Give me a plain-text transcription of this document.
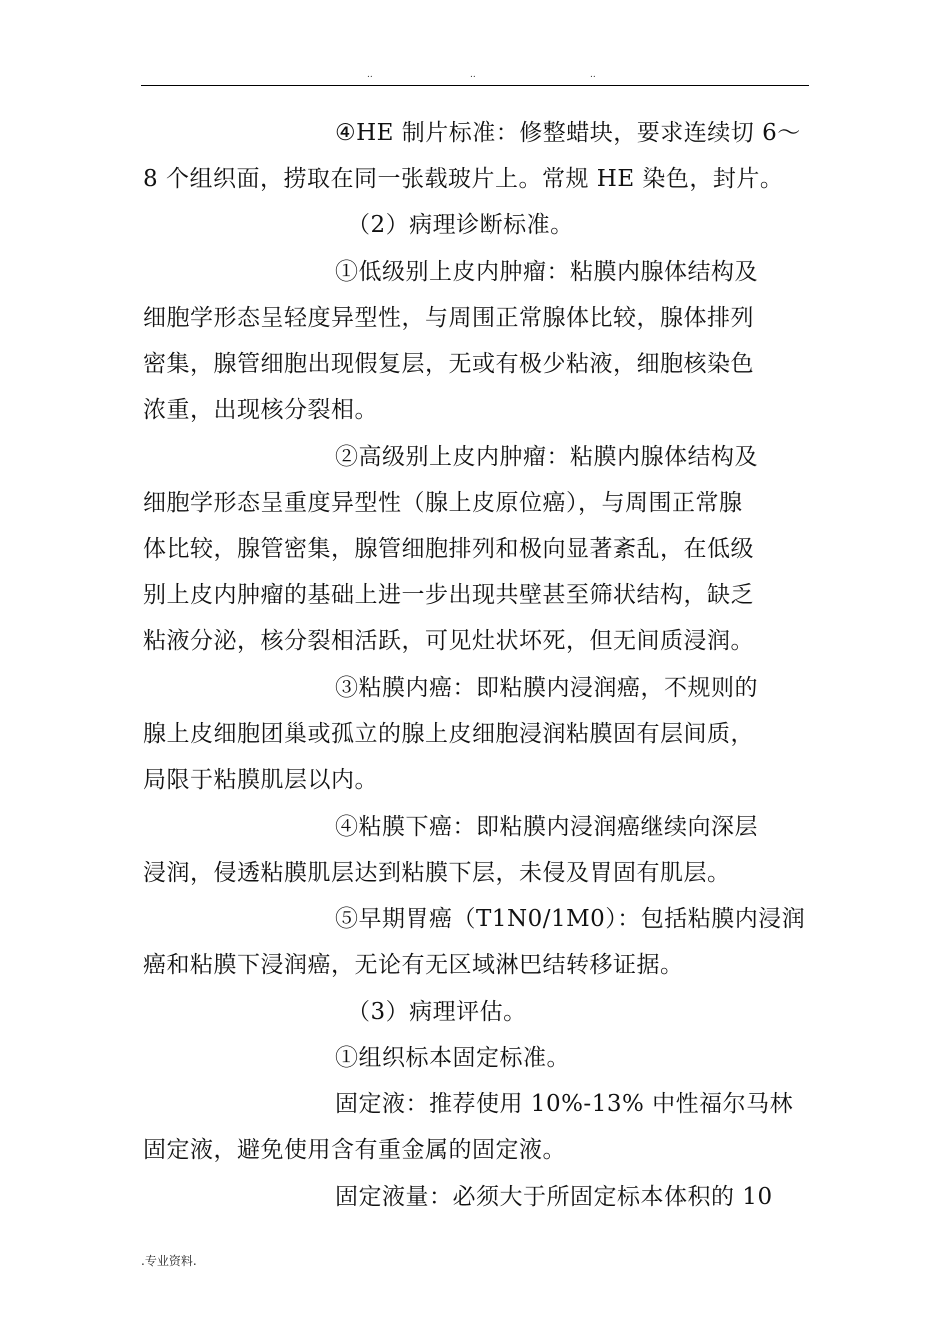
..	..	..
④HE 制片标准：修整蜡块，要求连续切 6～
8 个组织面，捞取在同一张载玻片上。常规 HE 染色，封片。
（2）病理诊断标准。
①低级别上皮内肿瘤：粘膜内腺体结构及
细胞学形态呈轻度异型性，与周围正常腺体比较，腺体排列
密集，腺管细胞出现假复层，无或有极少粘液，细胞核染色
浓重，出现核分裂相。
②高级别上皮内肿瘤：粘膜内腺体结构及
细胞学形态呈重度异型性（腺上皮原位癌），与周围正常腺
体比较，腺管密集，腺管细胞排列和极向显著紊乱，在低级
别上皮内肿瘤的基础上进一步出现共壁甚至筛状结构，缺乏
粘液分泌，核分裂相活跃，可见灶状坏死，但无间质浸润。
③粘膜内癌：即粘膜内浸润癌，不规则的
腺上皮细胞团巢或孤立的腺上皮细胞浸润粘膜固有层间质，
局限于粘膜肌层以内。
④粘膜下癌：即粘膜内浸润癌继续向深层
浸润，侵透粘膜肌层达到粘膜下层，未侵及胃固有肌层。
⑤早期胃癌（T1N0/1M0）：包括粘膜内浸润
癌和粘膜下浸润癌，无论有无区域淋巴结转移证据。
（3）病理评估。
①组织标本固定标准。
固定液：推荐使用 10%-13% 中性福尔马林
固定液，避免使用含有重金属的固定液。
固定液量：必须大于所固定标本体积的 10
.专业资料.
